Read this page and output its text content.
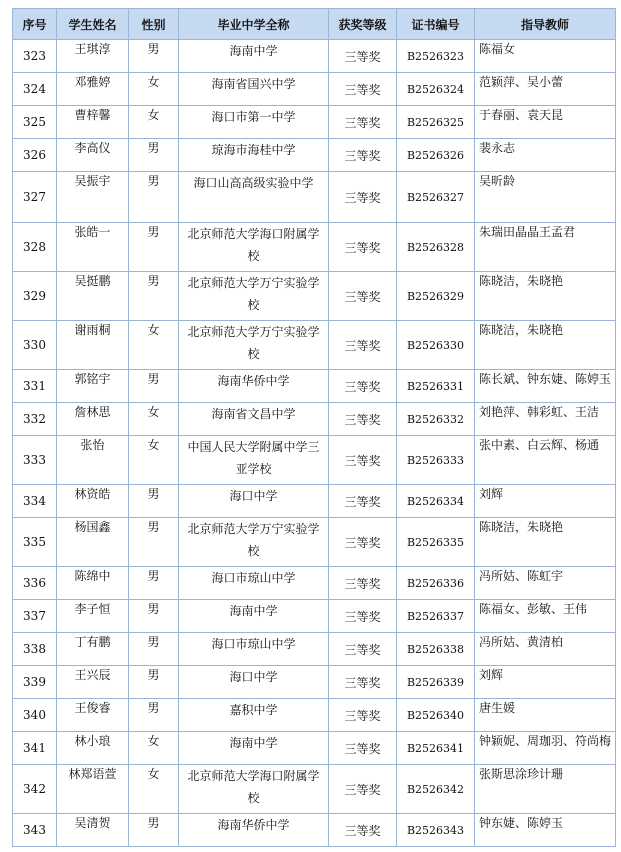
序号	学生姓名	性别	毕业中学全称	获奖等级	证书编号	指导教师
323	王琪淳	男	海南中学	三等奖	B2526323	陈福女
324	邓雅婷	女	海南省国兴中学	三等奖	B2526324	范颖萍、吴小蕾
325	曹梓馨	女	海口市第一中学	三等奖	B2526325	于春丽、袁天昆
326	李高仪	男	琼海市海桂中学	三等奖	B2526326	裴永志
327	吴振宇	男	海口山高高级实验中学	三等奖	B2526327	吴昕龄
328	张皓一	男	北京师范大学海口附属学校	三等奖	B2526328	朱瑞田晶晶王孟君
329	吴挺鹏	男	北京师范大学万宁实验学校	三等奖	B2526329	陈晓洁，朱晓艳
330	谢雨桐	女	北京师范大学万宁实验学校	三等奖	B2526330	陈晓洁，朱晓艳
331	郭铭宇	男	海南华侨中学	三等奖	B2526331	陈长斌、钟东婕、陈婷玉
332	詹林思	女	海南省文昌中学	三等奖	B2526332	刘艳萍、韩彩虹、王洁
333	张怡	女	中国人民大学附属中学三亚学校	三等奖	B2526333	张中素、白云辉、杨通
334	林资皓	男	海口中学	三等奖	B2526334	刘辉
335	杨国鑫	男	北京师范大学万宁实验学校	三等奖	B2526335	陈晓洁，朱晓艳
336	陈绵中	男	海口市琼山中学	三等奖	B2526336	冯所姑、陈虹宇
337	李子恒	男	海南中学	三等奖	B2526337	陈福女、彭敏、王伟
338	丁有鹏	男	海口市琼山中学	三等奖	B2526338	冯所姑、黄清柏
339	王兴辰	男	海口中学	三等奖	B2526339	刘辉
340	王俊睿	男	嘉积中学	三等奖	B2526340	唐生媛
341	林小琅	女	海南中学	三等奖	B2526341	钟颖妮、周珈羽、符尚梅
342	林郑语萱	女	北京师范大学海口附属学校	三等奖	B2526342	张斯思涂珍计珊
343	吴清贺	男	海南华侨中学	三等奖	B2526343	钟东婕、陈婷玉
